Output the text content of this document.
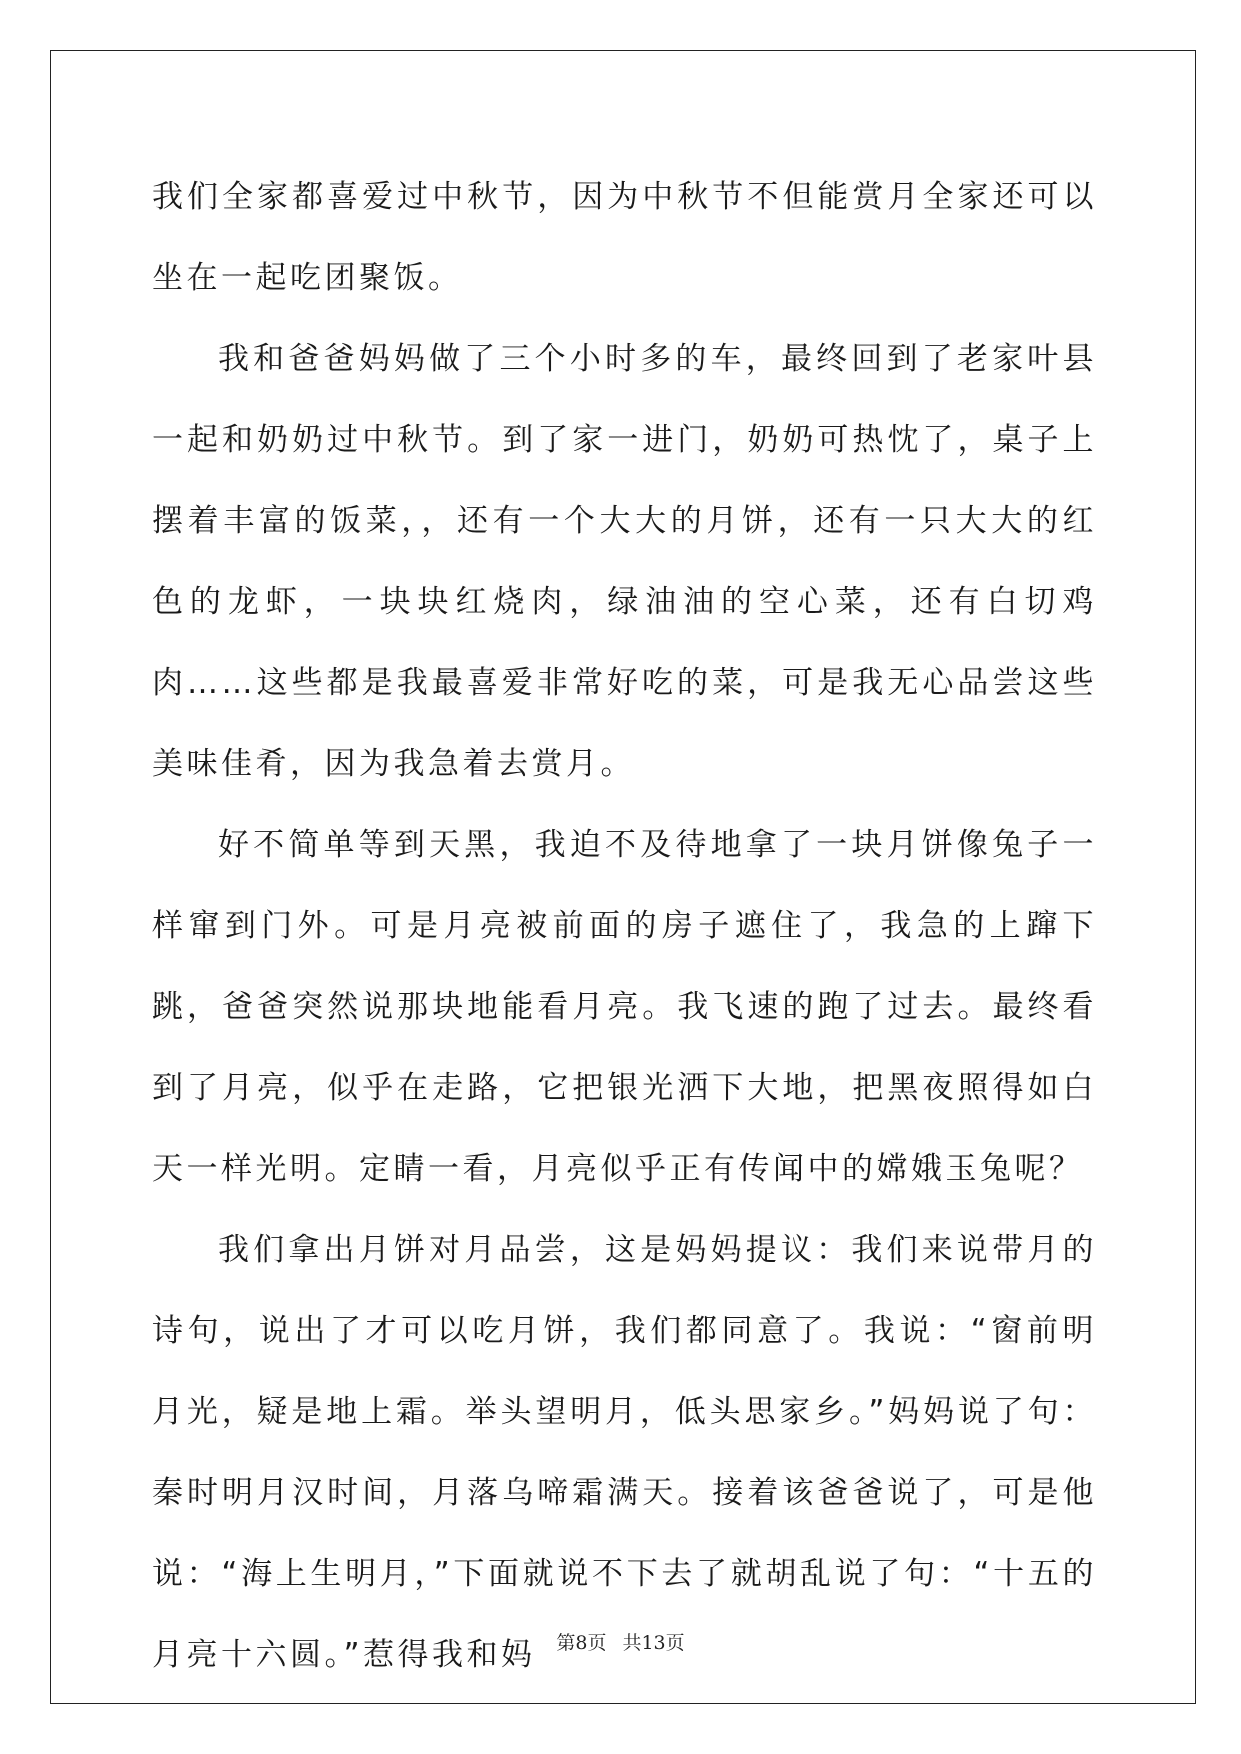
我们全家都喜爱过中秋节，因为中秋节不但能赏月全家还可以坐在一起吃团聚饭。

我和爸爸妈妈做了三个小时多的车，最终回到了老家叶县一起和奶奶过中秋节。到了家一进门，奶奶可热忱了，桌子上摆着丰富的饭菜，，还有一个大大的月饼，还有一只大大的红色的龙虾，一块块红烧肉，绿油油的空心菜，还有白切鸡肉……这些都是我最喜爱非常好吃的菜，可是我无心品尝这些美味佳肴，因为我急着去赏月。

好不简单等到天黑，我迫不及待地拿了一块月饼像兔子一样窜到门外。可是月亮被前面的房子遮住了，我急的上蹿下跳，爸爸突然说那块地能看月亮。我飞速的跑了过去。最终看到了月亮，似乎在走路，它把银光洒下大地，把黑夜照得如白天一样光明。定睛一看，月亮似乎正有传闻中的嫦娥玉兔呢？

我们拿出月饼对月品尝，这是妈妈提议：我们来说带月的诗句，说出了才可以吃月饼，我们都同意了。我说：“窗前明月光，疑是地上霜。举头望明月，低头思家乡。”妈妈说了句：秦时明月汉时间，月落乌啼霜满天。接着该爸爸说了，可是他说：“海上生明月，”下面就说不下去了就胡乱说了句：“十五的月亮十六圆。”惹得我和妈	第8页 共13页
